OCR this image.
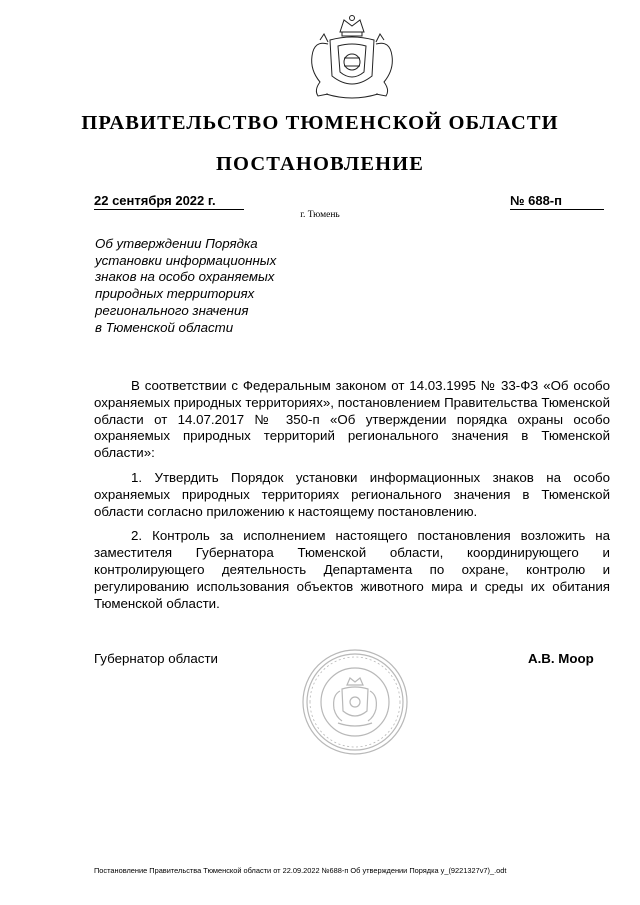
ПРАВИТЕЛЬСТВО ТЮМЕНСКОЙ ОБЛАСТИ
ПОСТАНОВЛЕНИЕ
22 сентября 2022 г.	№ 688-п
г. Тюмень
Об утверждении Порядка
установки информационных
знаков на особо охраняемых
природных территориях
регионального значения
в Тюменской области

В соответствии с Федеральным законом от 14.03.1995 № 33-ФЗ «Об особо охраняемых природных территориях», постановлением Правительства Тюменской области от 14.07.2017 № 350-п «Об утверждении порядка охраны особо охраняемых природных территорий регионального значения в Тюменской области»:

1. Утвердить Порядок установки информационных знаков на особо охраняемых природных территориях регионального значения в Тюменской области согласно приложению к настоящему постановлению.

2. Контроль за исполнением настоящего постановления возложить на заместителя Губернатора Тюменской области, координирующего и контролирующего деятельность Департамента по охране, контролю и регулированию использования объектов животного мира и среды их обитания Тюменской области.

Губернатор области	А.В. Моор
Постановление Правительства Тюменской области от 22.09.2022 №688-п Об утверждении Порядка у_(9221327v7)_.odt
